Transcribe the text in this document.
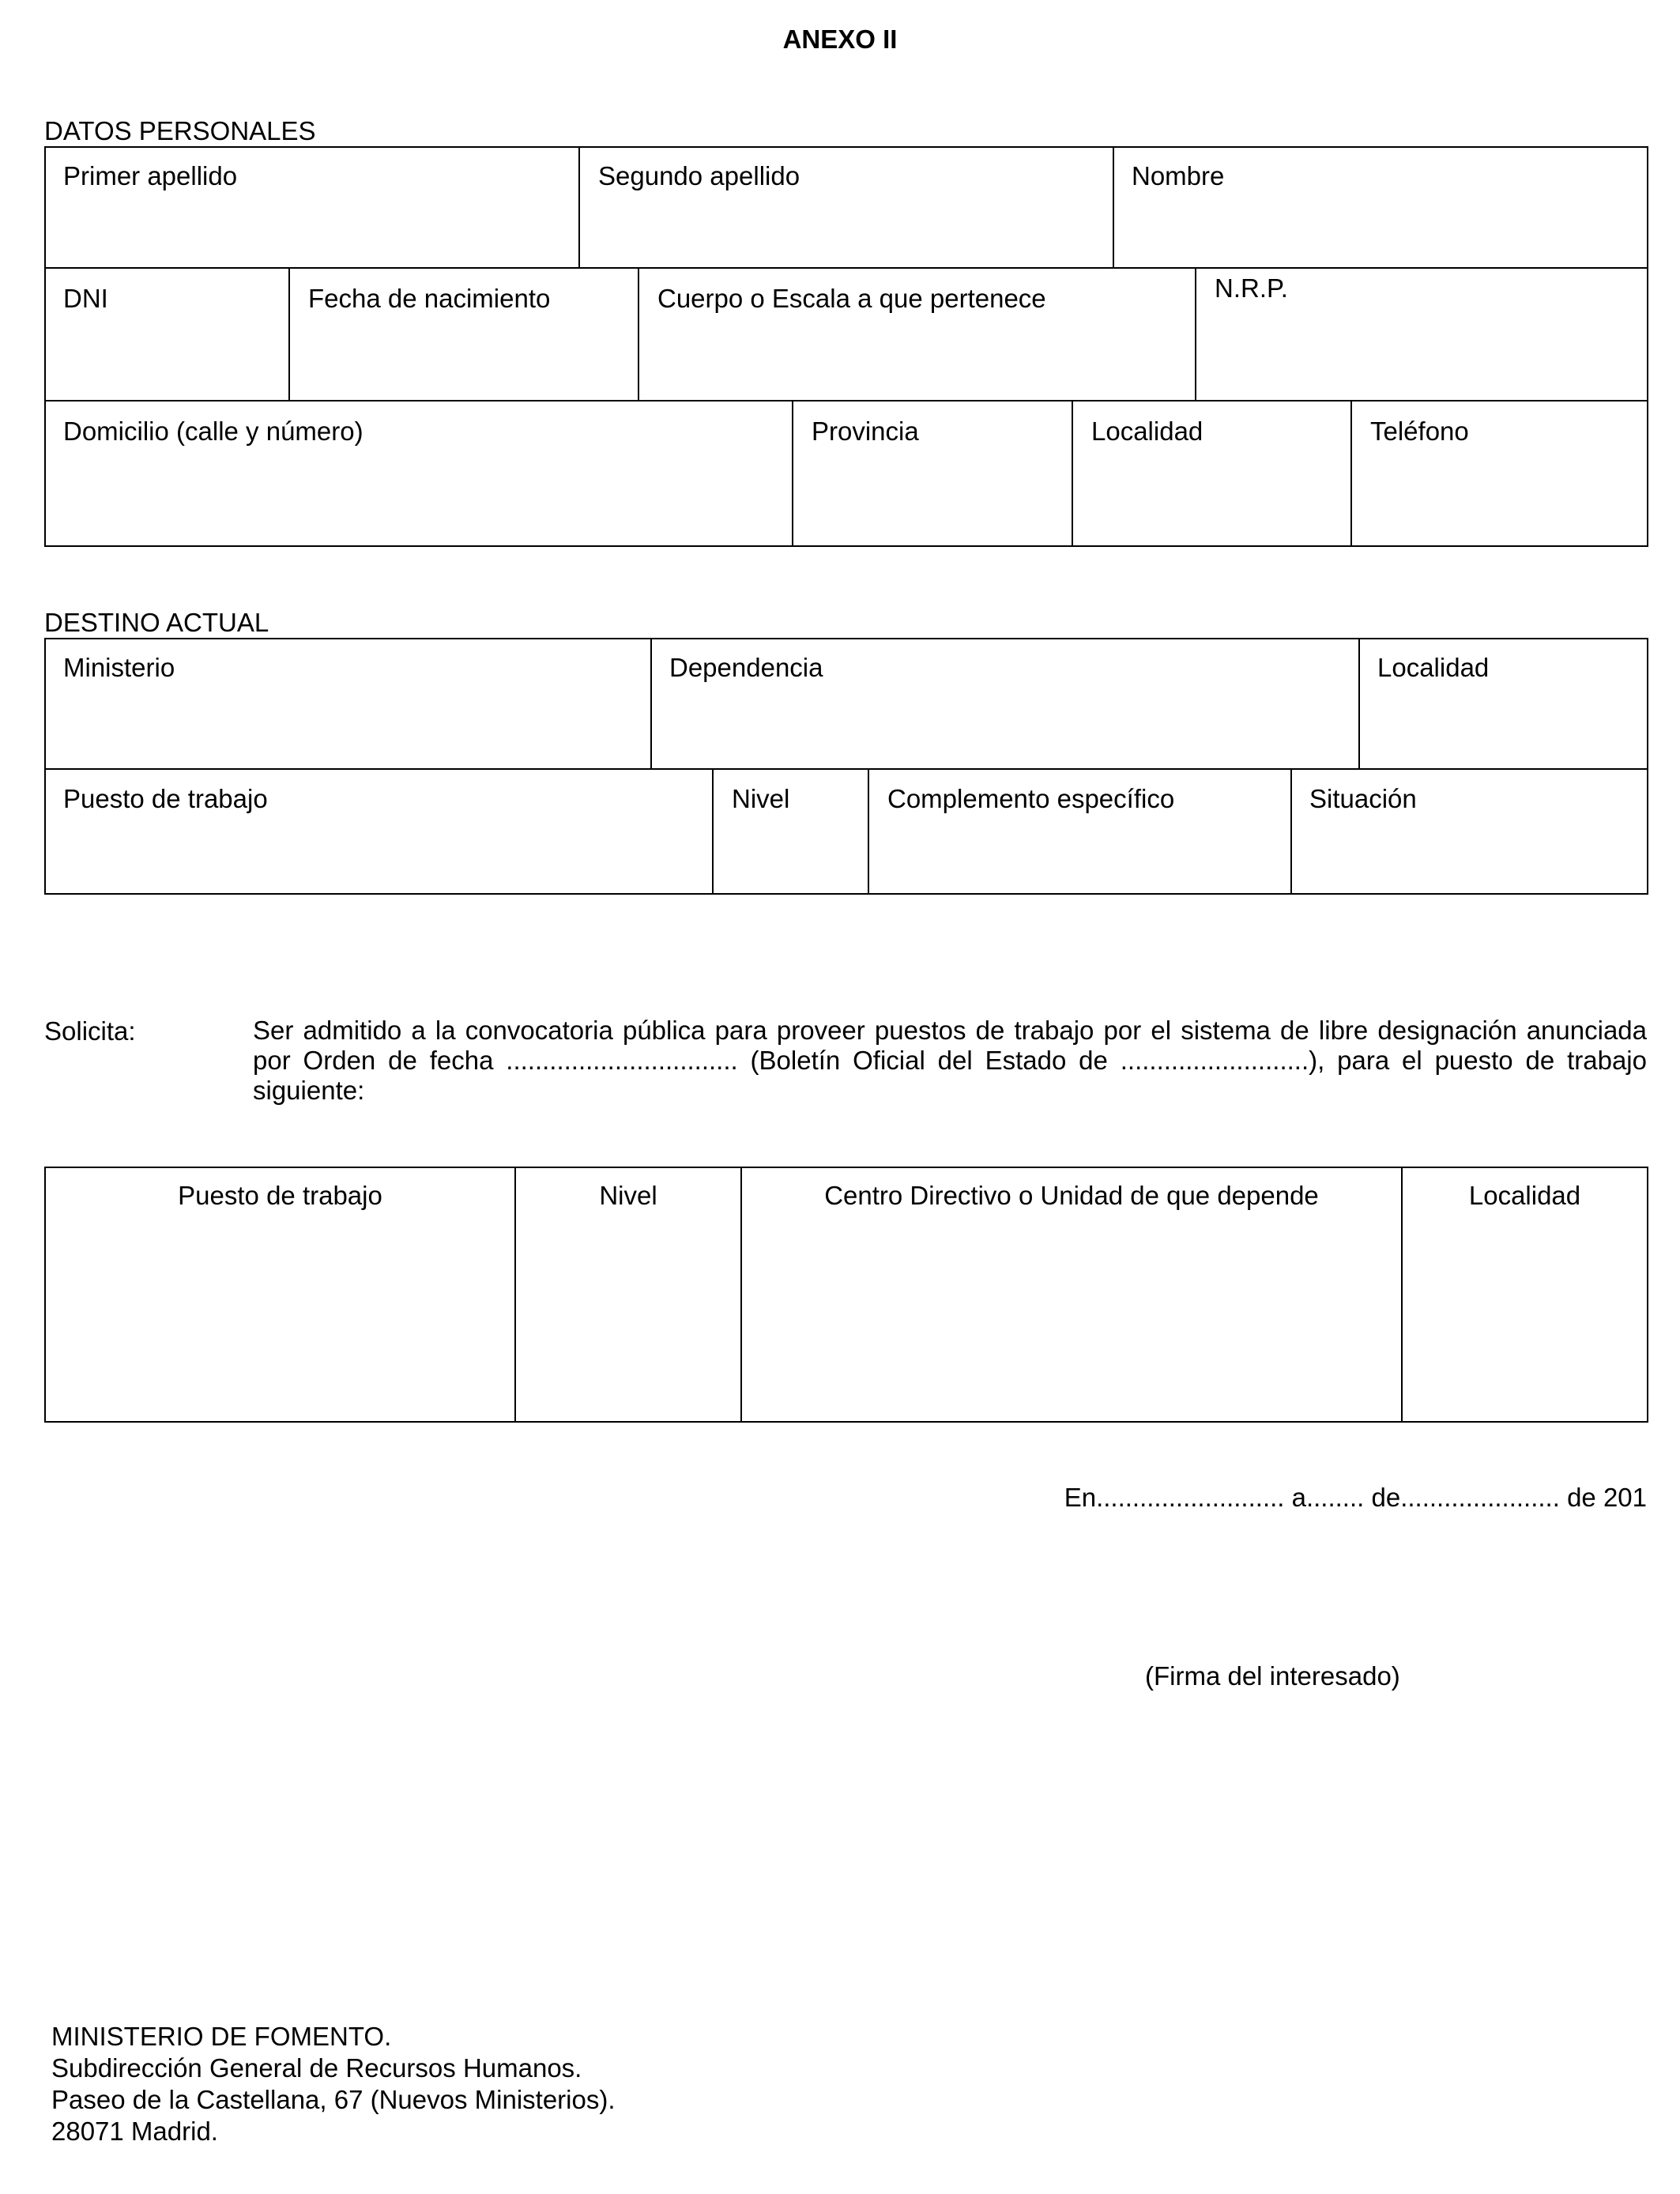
ANEXO II
DATOS PERSONALES
Primer apellido	Segundo apellido	Nombre
DNI	Fecha de nacimiento	Cuerpo o Escala a que pertenece	N.R.P.
Domicilio (calle y número)	Provincia	Localidad	Teléfono
DESTINO ACTUAL
Ministerio	Dependencia	Localidad
Puesto de trabajo	Nivel	Complemento específico	Situación
Solicita:	Ser admitido a la convocatoria pública para proveer puestos de trabajo por el sistema de libre designación anunciada por Orden de fecha ................................ (Boletín Oficial del Estado de ..........................), para el puesto de trabajo siguiente:
Puesto de trabajo	Nivel	Centro Directivo o Unidad de que depende	Localidad
En.......................... a........ de...................... de 201
(Firma del interesado)
MINISTERIO DE FOMENTO.
Subdirección General de Recursos Humanos.
Paseo de la Castellana, 67 (Nuevos Ministerios).
28071 Madrid.
